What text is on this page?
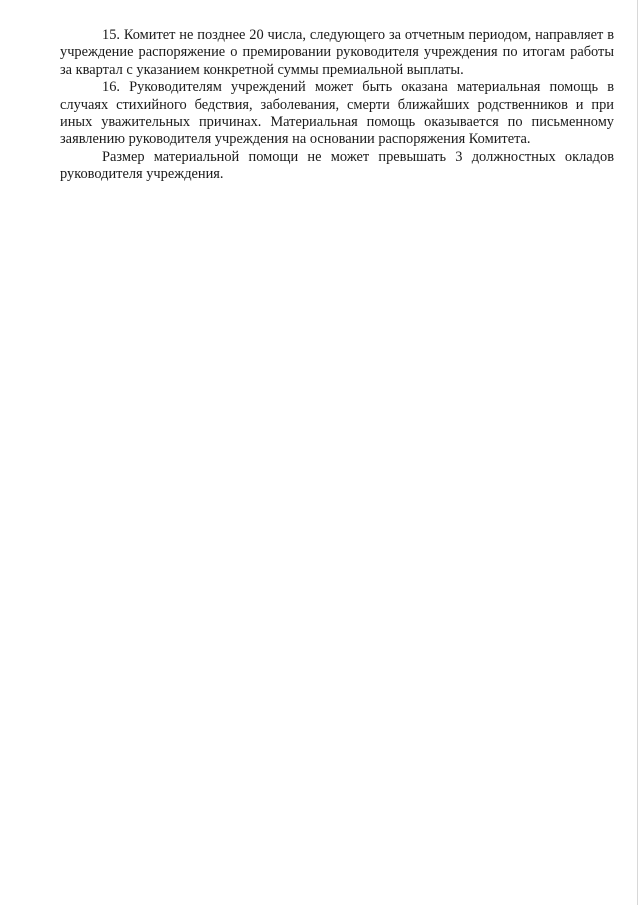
15. Комитет не позднее 20 числа, следующего за отчетным периодом, направляет в учреждение распоряжение о премировании руководителя учреждения по итогам работы за квартал с указанием конкретной суммы премиальной выплаты.

16. Руководителям учреждений может быть оказана материальная помощь в случаях стихийного бедствия, заболевания, смерти ближайших родственников и при иных уважительных причинах. Материальная помощь оказывается по письменному заявлению руководителя учреждения на основании распоряжения Комитета.

Размер материальной помощи не может превышать 3 должностных окладов руководителя учреждения.
